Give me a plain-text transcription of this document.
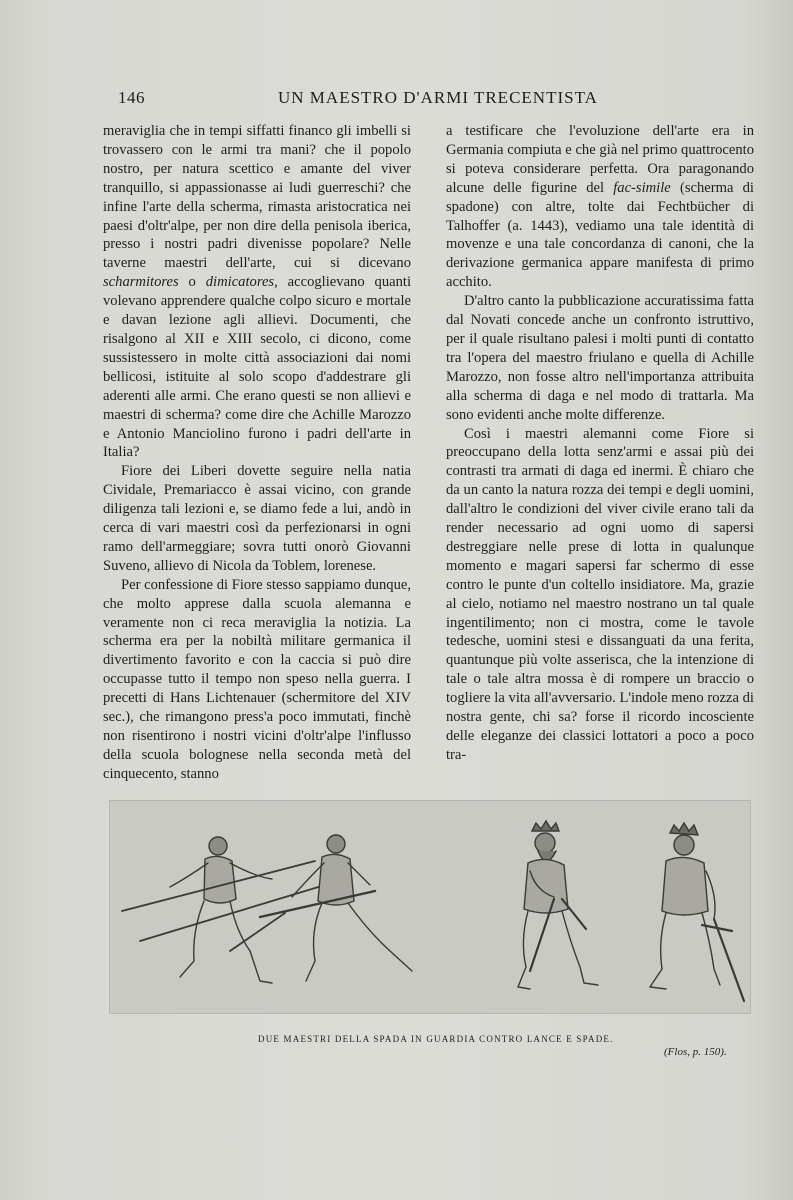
146	UN MAESTRO D'ARMI TRECENTISTA

meraviglia che in tempi siffatti financo gli imbelli si trovassero con le armi tra mani? che il popolo nostro, per natura scettico e amante del viver tranquillo, si appassionasse ai ludi guerreschi? che infine l'arte della scherma, rimasta aristocratica nei paesi d'oltr'alpe, per non dire della penisola iberica, presso i nostri padri divenisse popolare? Nelle taverne maestri dell'arte, cui si dicevano scharmitores o dimicatores, accoglievano quanti volevano apprendere qualche colpo sicuro e mortale e davan lezione agli allievi. Documenti, che risalgono al XII e XIII secolo, ci dicono, come sussistessero in molte città associazioni dai nomi bellicosi, istituite al solo scopo d'addestrare gli aderenti alle armi. Che erano questi se non allievi e maestri di scherma? come dire che Achille Marozzo e Antonio Manciolino furono i padri dell'arte in Italia?

Fiore dei Liberi dovette seguire nella natia Cividale, Premariacco è assai vicino, con grande diligenza tali lezioni e, se diamo fede a lui, andò in cerca di vari maestri così da perfezionarsi in ogni ramo dell'armeggiare; sovra tutti onorò Giovanni Suveno, allievo di Nicola da Toblem, lorenese.

Per confessione di Fiore stesso sappiamo dunque, che molto apprese dalla scuola alemanna e veramente non ci reca meraviglia la notizia. La scherma era per la nobiltà militare germanica il divertimento favorito e con la caccia si può dire occupasse tutto il tempo non speso nella guerra. I precetti di Hans Lichtenauer (schermitore del XIV sec.), che rimangono press'a poco immutati, finchè non risentirono i nostri vicini d'oltr'alpe l'influsso della scuola bolognese nella seconda metà del cinquecento, stanno

a testificare che l'evoluzione dell'arte era in Germania compiuta e che già nel primo quattrocento si poteva considerare perfetta. Ora paragonando alcune delle figurine del fac-simile (scherma di spadone) con altre, tolte dai Fechtbücher di Talhoffer (a. 1443), vediamo una tale identità di movenze e una tale concordanza di canoni, che la derivazione germanica appare manifesta di primo acchito.

D'altro canto la pubblicazione accuratissima fatta dal Novati concede anche un confronto istruttivo, per il quale risultano palesi i molti punti di contatto tra l'opera del maestro friulano e quella di Achille Marozzo, non fosse altro nell'importanza attribuita alla scherma di daga e nel modo di trattarla. Ma sono evidenti anche molte differenze.

Così i maestri alemanni come Fiore si preoccupano della lotta senz'armi e assai più dei contrasti tra armati di daga ed inermi. È chiaro che da un canto la natura rozza dei tempi e degli uomini, dall'altro le condizioni del viver civile erano tali da render necessario ad ogni uomo di sapersi destreggiare nelle prese di lotta in qualunque momento e magari sapersi far schermo di esse contro le punte d'un coltello insidiatore. Ma, grazie al cielo, notiamo nel maestro nostrano un tal quale ingentilimento; non ci mostra, come le tavole tedesche, uomini stesi e dissanguati da una ferita, quantunque più volte asserisca, che la intenzione di tale o tale altra mossa è di rompere un braccio o togliere la vita all'avversario. L'indole meno rozza di nostra gente, chi sa? forse il ricordo incosciente delle eleganze dei classici lottatori a poco a poco tra-

DUE MAESTRI DELLA SPADA IN GUARDIA CONTRO LANCE E SPADE.
(Flos, p. 150).
